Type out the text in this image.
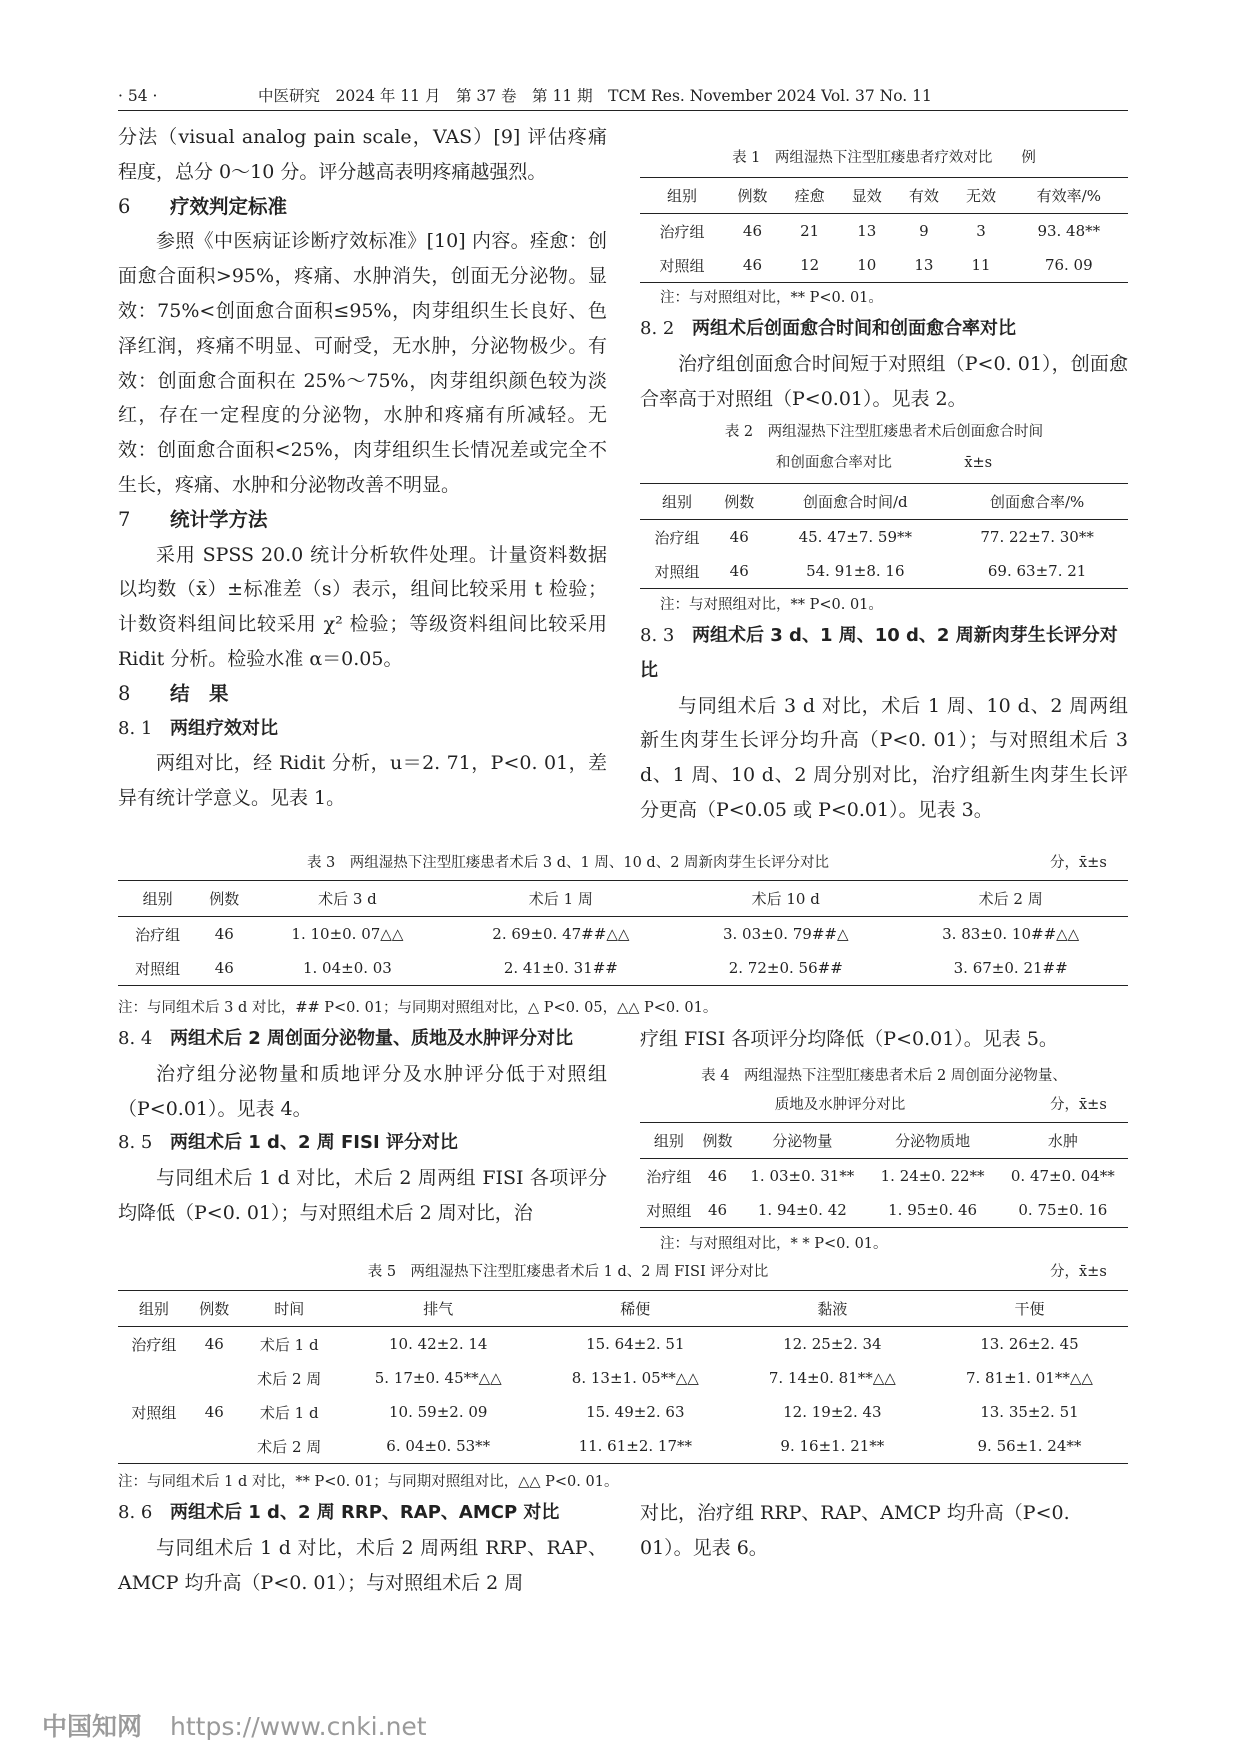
· 54 ·	中医研究　2024 年 11 月　第 37 卷　第 11 期　TCM Res. November 2024 Vol. 37 No. 11

分法（visual analog pain scale，VAS）[9] 评估疼痛程度，总分 0～10 分。评分越高表明疼痛越强烈。

6 疗效判定标准

参照《中医病证诊断疗效标准》[10] 内容。痊愈：创面愈合面积>95%，疼痛、水肿消失，创面无分泌物。显效：75%<创面愈合面积≤95%，肉芽组织生长良好、色泽红润，疼痛不明显、可耐受，无水肿，分泌物极少。有效：创面愈合面积在 25%～75%，肉芽组织颜色较为淡红，存在一定程度的分泌物，水肿和疼痛有所减轻。无效：创面愈合面积<25%，肉芽组织生长情况差或完全不生长，疼痛、水肿和分泌物改善不明显。

7 统计学方法

采用 SPSS 20.0 统计分析软件处理。计量资料数据以均数（x̄）±标准差（s）表示，组间比较采用 t 检验；计数资料组间比较采用 χ² 检验；等级资料组间比较采用 Ridit 分析。检验水准 α＝0.05。

8 结　果
8. 1 两组疗效对比

两组对比，经 Ridit 分析，u＝2. 71，P<0. 01，差异有统计学意义。见表 1。

表 1　两组湿热下注型肛瘘患者疗效对比　　例
组别	例数	痊愈	显效	有效	无效	有效率/%
治疗组	46	21	13	9	3	93. 48**
对照组	46	12	10	13	11	76. 09
注：与对照组对比，** P<0. 01。
8. 2 两组术后创面愈合时间和创面愈合率对比

治疗组创面愈合时间短于对照组（P<0. 01），创面愈合率高于对照组（P<0.01）。见表 2。

表 2　两组湿热下注型肛瘘患者术后创面愈合时间
和创面愈合率对比　　　　　x̄±s
组别	例数	创面愈合时间/d	创面愈合率/%
治疗组	46	45. 47±7. 59**	77. 22±7. 30**
对照组	46	54. 91±8. 16	69. 63±7. 21
注：与对照组对比，** P<0. 01。
8. 3 两组术后 3 d、1 周、10 d、2 周新肉芽生长评分对比

与同组术后 3 d 对比，术后 1 周、10 d、2 周两组新生肉芽生长评分均升高（P<0. 01）；与对照组术后 3 d、1 周、10 d、2 周分别对比，治疗组新生肉芽生长评分更高（P<0.05 或 P<0.01）。见表 3。

表 3　两组湿热下注型肛瘘患者术后 3 d、1 周、10 d、2 周新肉芽生长评分对比	分，x̄±s
组别	例数	术后 3 d	术后 1 周	术后 10 d	术后 2 周
治疗组	46	1. 10±0. 07△△	2. 69±0. 47##△△	3. 03±0. 79##△	3. 83±0. 10##△△
对照组	46	1. 04±0. 03	2. 41±0. 31##	2. 72±0. 56##	3. 67±0. 21##
注：与同组术后 3 d 对比，## P<0. 01；与同期对照组对比，△ P<0. 05，△△ P<0. 01。
8. 4 两组术后 2 周创面分泌物量、质地及水肿评分对比

治疗组分泌物量和质地评分及水肿评分低于对照组（P<0.01）。见表 4。

8. 5 两组术后 1 d、2 周 FISI 评分对比

与同组术后 1 d 对比，术后 2 周两组 FISI 各项评分均降低（P<0. 01）；与对照组术后 2 周对比，治

疗组 FISI 各项评分均降低（P<0.01）。见表 5。
表 4　两组湿热下注型肛瘘患者术后 2 周创面分泌物量、
质地及水肿评分对比	分，x̄±s
组别	例数	分泌物量	分泌物质地	水肿
治疗组	46	1. 03±0. 31**	1. 24±0. 22**	0. 47±0. 04**
对照组	46	1. 94±0. 42	1. 95±0. 46	0. 75±0. 16
注：与对照组对比，* * P<0. 01。
表 5　两组湿热下注型肛瘘患者术后 1 d、2 周 FISI 评分对比	分，x̄±s
组别	例数	时间	排气	稀便	黏液	干便
治疗组	46	术后 1 d	10. 42±2. 14	15. 64±2. 51	12. 25±2. 34	13. 26±2. 45
		术后 2 周	5. 17±0. 45**△△	8. 13±1. 05**△△	7. 14±0. 81**△△	7. 81±1. 01**△△
对照组	46	术后 1 d	10. 59±2. 09	15. 49±2. 63	12. 19±2. 43	13. 35±2. 51
		术后 2 周	6. 04±0. 53**	11. 61±2. 17**	9. 16±1. 21**	9. 56±1. 24**
注：与同组术后 1 d 对比，** P<0. 01；与同期对照组对比，△△ P<0. 01。
8. 6 两组术后 1 d、2 周 RRP、RAP、AMCP 对比

与同组术后 1 d 对比，术后 2 周两组 RRP、RAP、AMCP 均升高（P<0. 01）；与对照组术后 2 周

对比，治疗组 RRP、RAP、AMCP 均升高（P<0. 01）。见表 6。
中国知网 https://www.cnki.net
